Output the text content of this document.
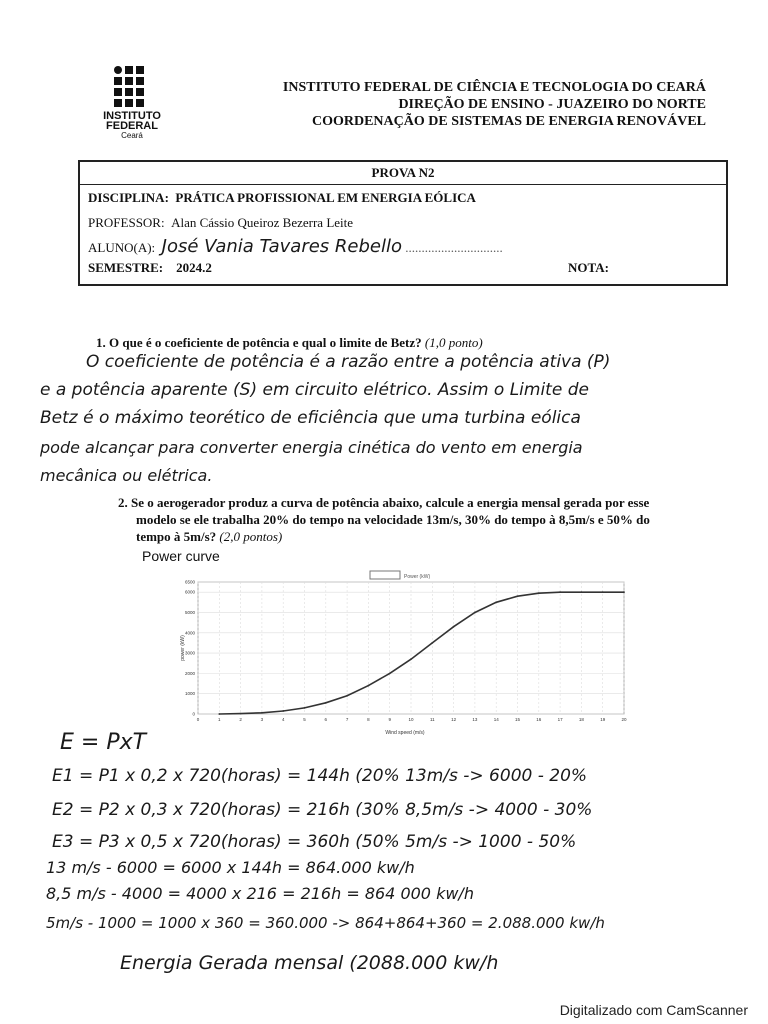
INSTITUTO
FEDERAL
Ceará
INSTITUTO FEDERAL DE CIÊNCIA E TECNOLOGIA DO CEARÁ
DIREÇÃO DE ENSINO - JUAZEIRO DO NORTE
COORDENAÇÃO DE SISTEMAS DE ENERGIA RENOVÁVEL
PROVA N2
DISCIPLINA: PRÁTICA PROFISSIONAL EM ENERGIA EÓLICA
PROFESSOR: Alan Cássio Queiroz Bezerra Leite
ALUNO(A): José Vania Tavares Rebello ..............................
SEMESTRE: 2024.2	NOTA:
1. O que é o coeficiente de potência e qual o limite de Betz? (1,0 ponto)
O coeficiente de potência é a razão entre a potência ativa (P)
e a potência aparente (S) em circuito elétrico. Assim o Limite de
Betz é o máximo teorético de eficiência que uma turbina eólica
pode alcançar para converter energia cinética do vento em energia
mecânica ou elétrica.
2. Se o aerogerador produz a curva de potência abaixo, calcule a energia mensal gerada por esse
modelo se ele trabalha 20% do tempo na velocidade 13m/s, 30% do tempo à 8,5m/s e 50% do
tempo à 5m/s? (2,0 pontos)
Power curve
0
1000
2000
3000
4000
5000
6000
6500
0	1	2	3	4	5	6	7	8	9	10	11	12	13	14	15	16	17	18	19	20
Power (kW)
Wind speed (m/s)
power (kW)
E = PxT
E1 = P1 x 0,2 x 720(horas) = 144h (20% 13m/s -> 6000 - 20%
E2 = P2 x 0,3 x 720(horas) = 216h (30% 8,5m/s -> 4000 - 30%
E3 = P3 x 0,5 x 720(horas) = 360h (50% 5m/s -> 1000 - 50%
13 m/s - 6000 = 6000 x 144h = 864.000 kw/h
8,5 m/s - 4000 = 4000 x 216 = 216h = 864 000 kw/h
5m/s - 1000 = 1000 x 360 = 360.000 -> 864+864+360 = 2.088.000 kw/h
Energia Gerada mensal (2088.000 kw/h
Digitalizado com CamScanner
